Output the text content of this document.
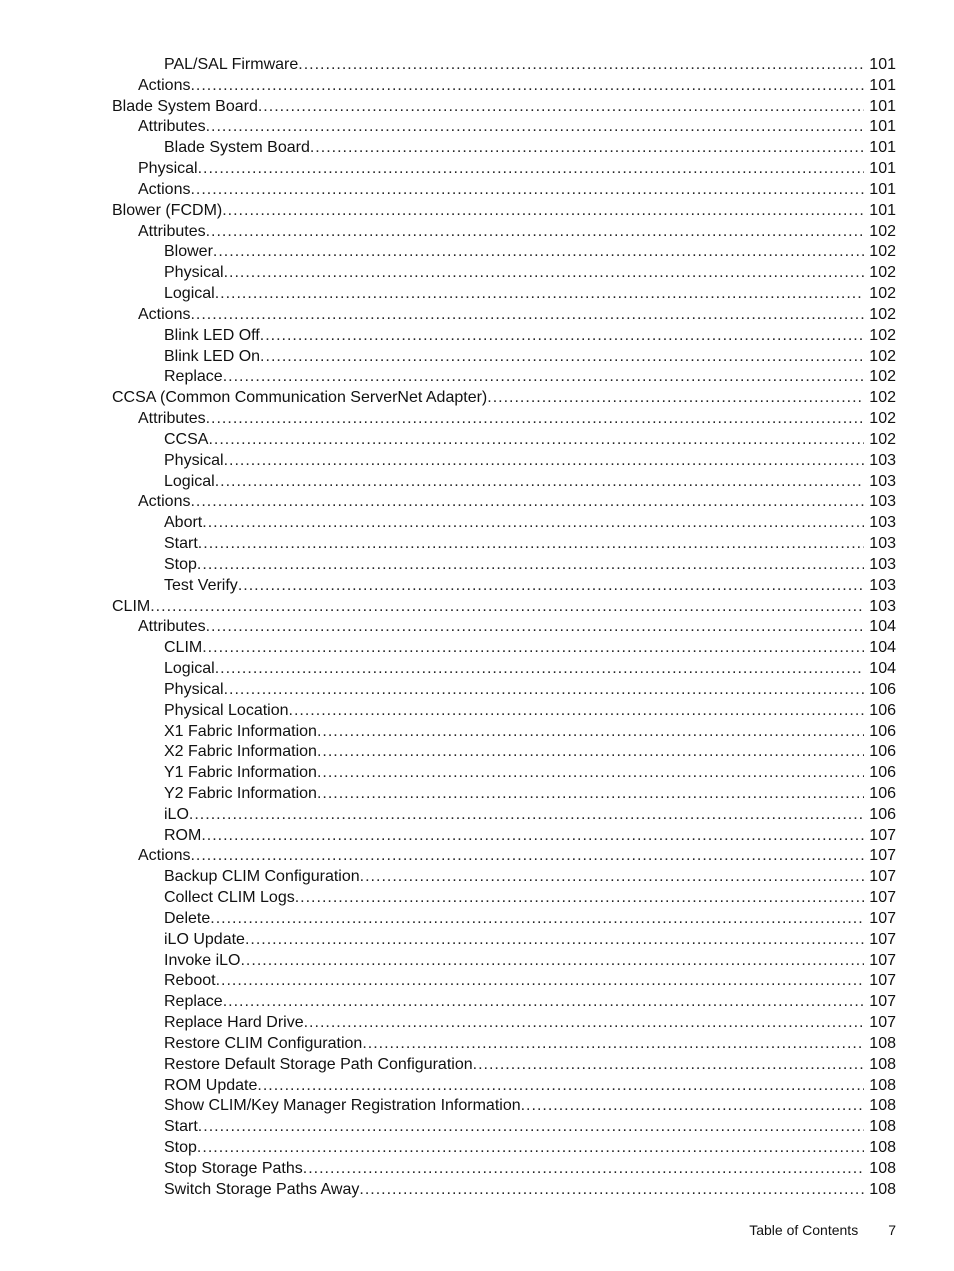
PAL/SAL Firmware .....	101
Actions .....	101
Blade System Board .....	101
Attributes .....	101
Blade System Board .....	101
Physical .....	101
Actions .....	101
Blower (FCDM) .....	101
Attributes .....	102
Blower .....	102
Physical .....	102
Logical .....	102
Actions .....	102
Blink LED Off .....	102
Blink LED On .....	102
Replace .....	102
CCSA (Common Communication ServerNet Adapter) .....	102
Attributes .....	102
CCSA .....	102
Physical .....	103
Logical .....	103
Actions .....	103
Abort .....	103
Start .....	103
Stop .....	103
Test Verify .....	103
CLIM .....	103
Attributes .....	104
CLIM .....	104
Logical .....	104
Physical .....	106
Physical Location .....	106
X1 Fabric Information .....	106
X2 Fabric Information .....	106
Y1 Fabric Information .....	106
Y2 Fabric Information .....	106
iLO .....	106
ROM .....	107
Actions .....	107
Backup CLIM Configuration .....	107
Collect CLIM Logs .....	107
Delete .....	107
iLO Update .....	107
Invoke iLO .....	107
Reboot .....	107
Replace .....	107
Replace Hard Drive .....	107
Restore CLIM Configuration .....	108
Restore Default Storage Path Configuration .....	108
ROM Update .....	108
Show CLIM/Key Manager Registration Information .....	108
Start .....	108
Stop .....	108
Stop Storage Paths .....	108
Switch Storage Paths Away .....	108
Table of Contents 7
